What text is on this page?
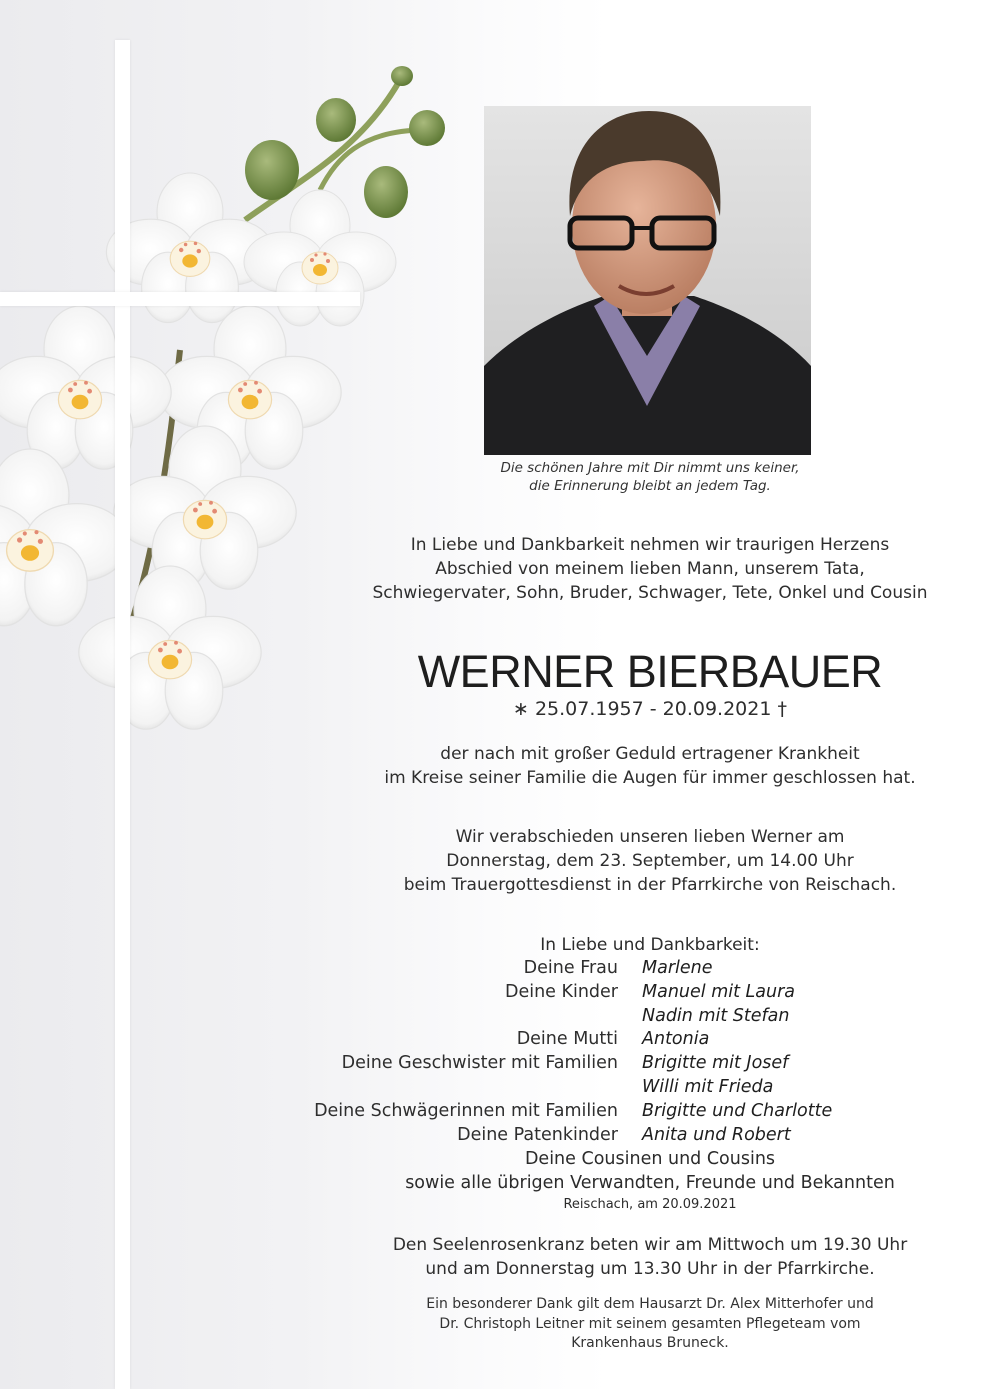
Die schönen Jahre mit Dir nimmt uns keiner,
die Erinnerung bleibt an jedem Tag.
In Liebe und Dankbarkeit nehmen wir traurigen Herzens
Abschied von meinem lieben Mann, unserem Tata,
Schwiegervater, Sohn, Bruder, Schwager, Tete, Onkel und Cousin
WERNER BIERBAUER
∗ 25.07.1957 - 20.09.2021 †
der nach mit großer Geduld ertragener Krankheit
im Kreise seiner Familie die Augen für immer geschlossen hat.
Wir verabschieden unseren lieben Werner am
Donnerstag, dem 23. September, um 14.00 Uhr
beim Trauergottesdienst in der Pfarrkirche von Reischach.
In Liebe und Dankbarkeit:
Deine Frau	Marlene
Deine Kinder	Manuel mit Laura
Nadin mit Stefan
Deine Mutti	Antonia
Deine Geschwister mit Familien	Brigitte mit Josef
Willi mit Frieda
Deine Schwägerinnen mit Familien	Brigitte und Charlotte
Deine Patenkinder	Anita und Robert
Deine Cousinen und Cousins
sowie alle übrigen Verwandten, Freunde und Bekannten
Reischach, am 20.09.2021
Den Seelenrosenkranz beten wir am Mittwoch um 19.30 Uhr
und am Donnerstag um 13.30 Uhr in der Pfarrkirche.
Ein besonderer Dank gilt dem Hausarzt Dr. Alex Mitterhofer und
Dr. Christoph Leitner mit seinem gesamten Pflegeteam vom
Krankenhaus Bruneck.
